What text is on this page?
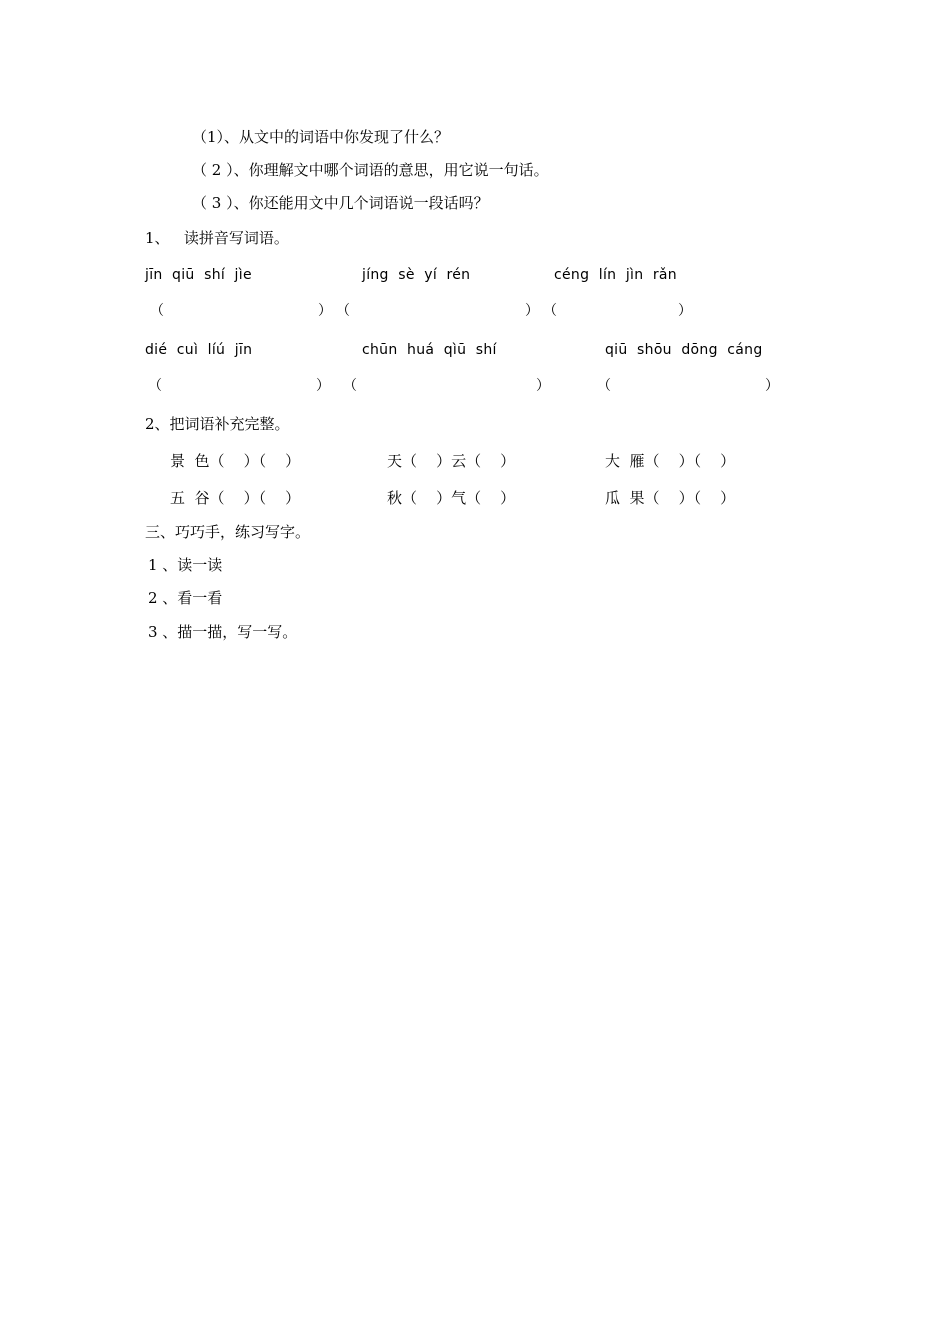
（1）、从文中的词语中你发现了什么？
（ 2 ）、你理解文中哪个词语的意思，用它说一句话。
（ 3 ）、你还能用文中几个词语说一段话吗？
1、   读拼音写词语。
jīn  qiū  shí  jìe	jíng  sè  yí  rén	céng  lín  jìn  rǎn
（	） （	） （	）
dié  cuì  líú  jīn	chūn  huá  qìū  shí	qiū  shōu  dōng  cáng
（	） （	）	（	）
2、把词语补充完整。
景  色（    ）（    ）	天（    ）云（    ）	大  雁（    ）（    ）
五  谷（    ）（    ）	秋（    ）气（    ）	瓜  果（    ）（    ）
三、巧巧手，练习写字。
1 、读一读
2 、看一看
3 、描一描，写一写。
